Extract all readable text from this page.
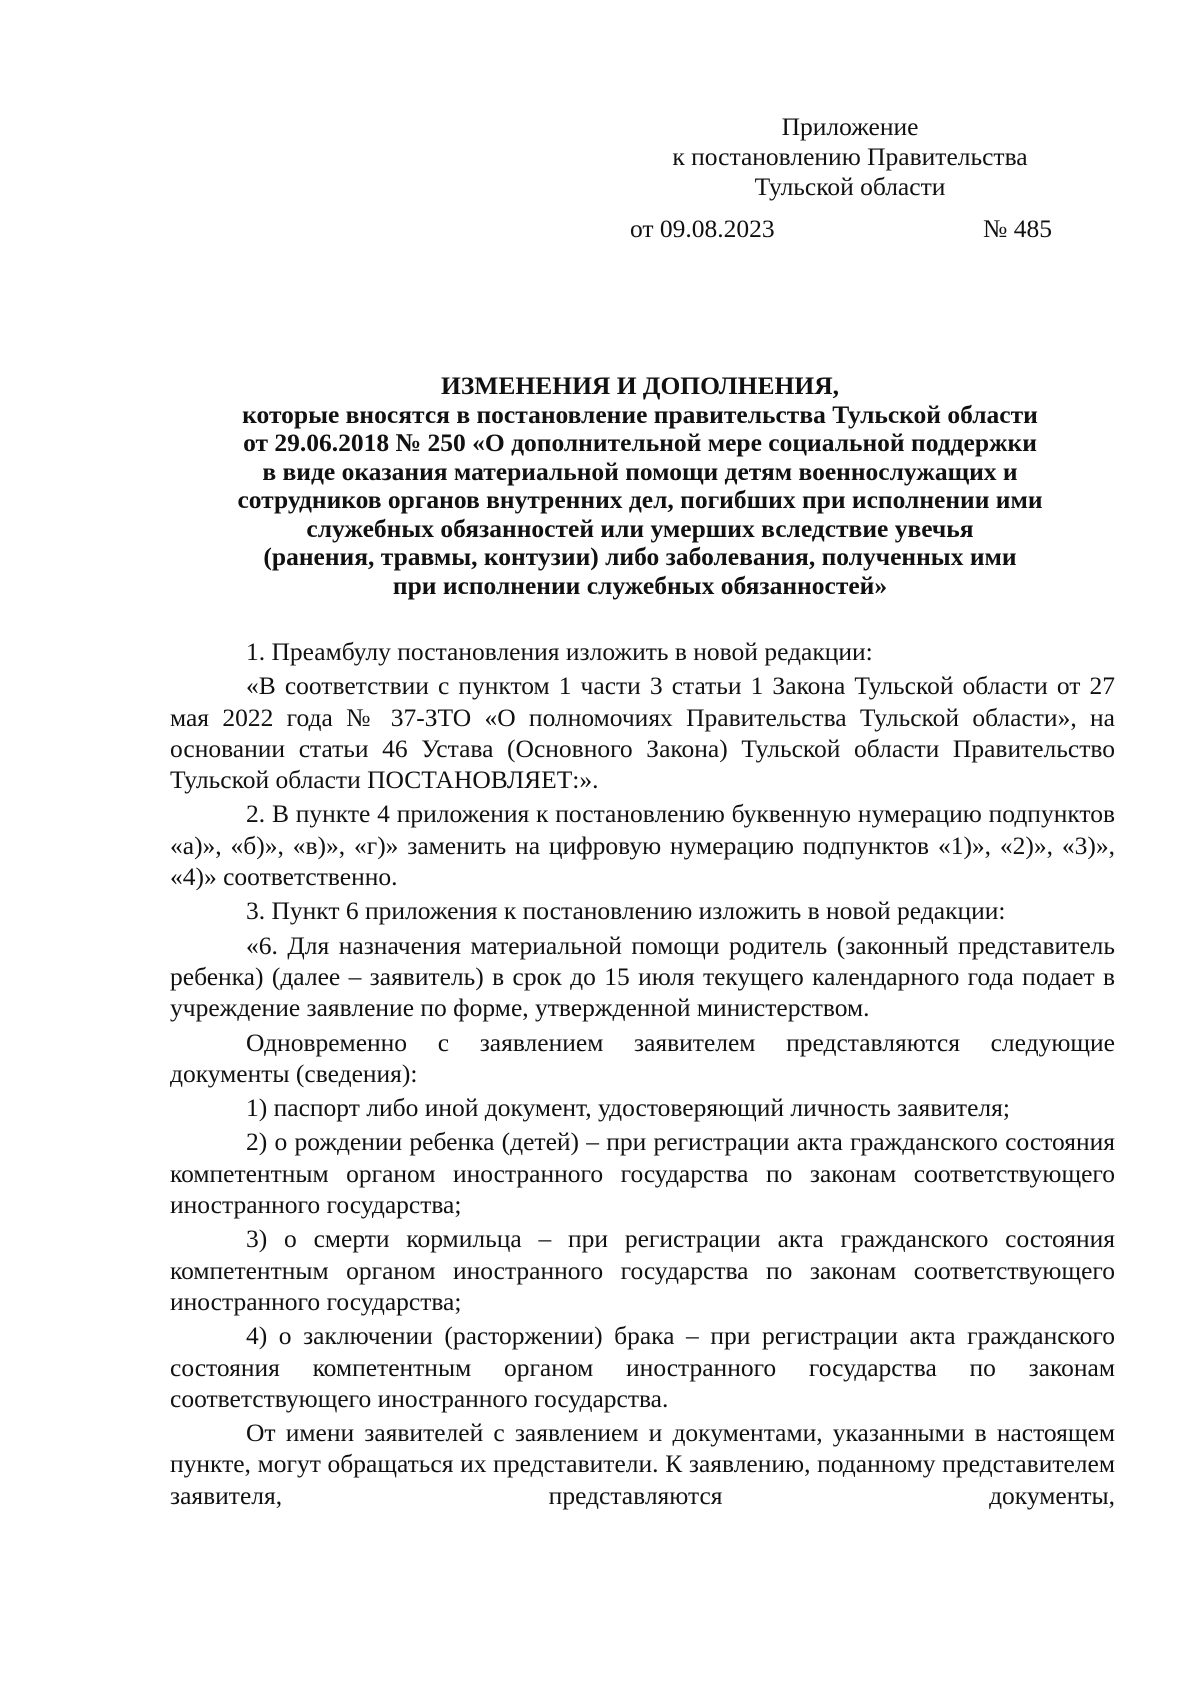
Приложение
к постановлению Правительства
Тульской области
от 09.08.2023	№ 485
ИЗМЕНЕНИЯ И ДОПОЛНЕНИЯ,
которые вносятся в постановление правительства Тульской области
от 29.06.2018 № 250 «О дополнительной мере социальной поддержки
в виде оказания материальной помощи детям военнослужащих и
сотрудников органов внутренних дел, погибших при исполнении ими
служебных обязанностей или умерших вследствие увечья
(ранения, травмы, контузии) либо заболевания, полученных ими
при исполнении служебных обязанностей»

1. Преамбулу постановления изложить в новой редакции:

«В соответствии с пунктом 1 части 3 статьи 1 Закона Тульской области от 27 мая 2022 года № 37-ЗТО «О полномочиях Правительства Тульской области», на основании статьи 46 Устава (Основного Закона) Тульской области Правительство Тульской области ПОСТАНОВЛЯЕТ:».

2. В пункте 4 приложения к постановлению буквенную нумерацию подпунктов «а)», «б)», «в)», «г)» заменить на цифровую нумерацию подпунктов «1)», «2)», «3)», «4)» соответственно.

3. Пункт 6 приложения к постановлению изложить в новой редакции:

«6. Для назначения материальной помощи родитель (законный представитель ребенка) (далее – заявитель) в срок до 15 июля текущего календарного года подает в учреждение заявление по форме, утвержденной министерством.

Одновременно с заявлением заявителем представляются следующие документы (сведения):

1) паспорт либо иной документ, удостоверяющий личность заявителя;

2) о рождении ребенка (детей) – при регистрации акта гражданского состояния компетентным органом иностранного государства по законам соответствующего иностранного государства;

3) о смерти кормильца – при регистрации акта гражданского состояния компетентным органом иностранного государства по законам соответствующего иностранного государства;

4) о заключении (расторжении) брака – при регистрации акта гражданского состояния компетентным органом иностранного государства по законам соответствующего иностранного государства.

От имени заявителей с заявлением и документами, указанными в настоящем пункте, могут обращаться их представители. К заявлению, поданному представителем заявителя, представляются документы,
